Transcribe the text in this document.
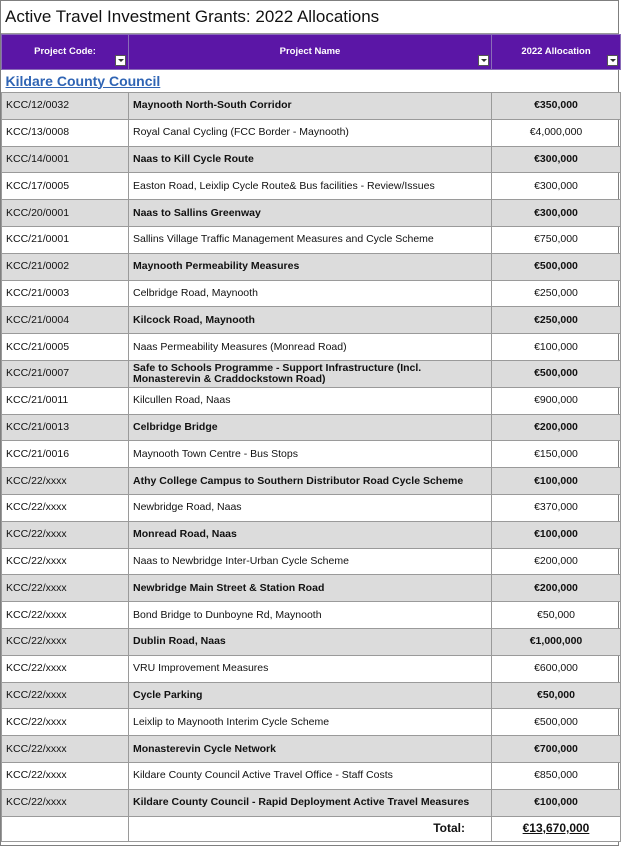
Active Travel Investment Grants: 2022 Allocations
Project Code:	Project Name	2022 Allocation

Kildare County Council		
KCC/12/0032	Maynooth North-South Corridor	€350,000
KCC/13/0008	Royal Canal Cycling (FCC Border - Maynooth)	€4,000,000
KCC/14/0001	Naas to Kill Cycle Route	€300,000
KCC/17/0005	Easton Road, Leixlip Cycle Route& Bus facilities - Review/Issues	€300,000
KCC/20/0001	Naas to Sallins Greenway	€300,000
KCC/21/0001	Sallins Village Traffic Management Measures and Cycle Scheme	€750,000
KCC/21/0002	Maynooth Permeability Measures	€500,000
KCC/21/0003	Celbridge Road, Maynooth	€250,000
KCC/21/0004	Kilcock Road, Maynooth	€250,000
KCC/21/0005	Naas Permeability Measures (Monread Road)	€100,000
KCC/21/0007	Safe to Schools Programme - Support Infrastructure (Incl. Monasterevin & Craddockstown Road)	€500,000
KCC/21/0011	Kilcullen Road, Naas	€900,000
KCC/21/0013	Celbridge Bridge	€200,000
KCC/21/0016	Maynooth Town Centre - Bus Stops	€150,000
KCC/22/xxxx	Athy College Campus to Southern Distributor Road Cycle Scheme	€100,000
KCC/22/xxxx	Newbridge Road, Naas	€370,000
KCC/22/xxxx	Monread Road, Naas	€100,000
KCC/22/xxxx	Naas to Newbridge Inter-Urban Cycle Scheme	€200,000
KCC/22/xxxx	Newbridge Main Street & Station Road	€200,000
KCC/22/xxxx	Bond Bridge to Dunboyne Rd, Maynooth	€50,000
KCC/22/xxxx	Dublin Road, Naas	€1,000,000
KCC/22/xxxx	VRU Improvement Measures	€600,000
KCC/22/xxxx	Cycle Parking	€50,000
KCC/22/xxxx	Leixlip to Maynooth Interim Cycle Scheme	€500,000
KCC/22/xxxx	Monasterevin Cycle Network	€700,000
KCC/22/xxxx	Kildare County Council Active Travel Office - Staff Costs	€850,000
KCC/22/xxxx	Kildare County Council - Rapid Deployment Active Travel Measures	€100,000
	Total:	€13,670,000
